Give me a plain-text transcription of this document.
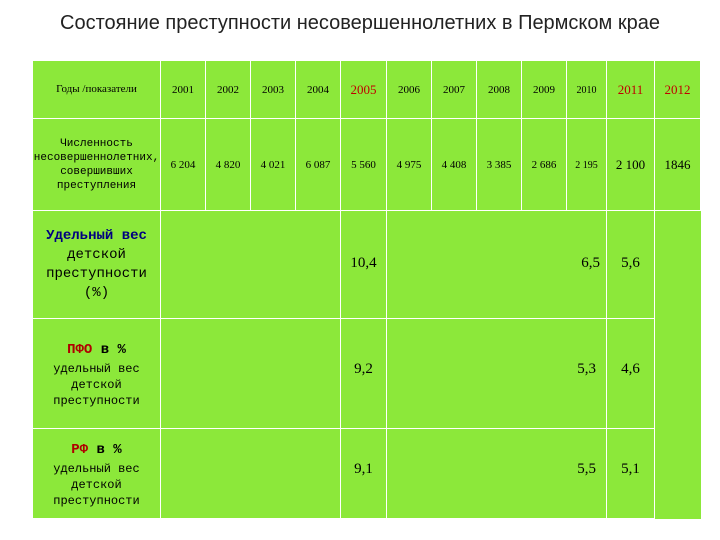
Состояние преступности несовершеннолетних в Пермском крае
Годы /показатели	2001	2002	2003	2004	2005	2006	2007	2008	2009	2010	2011	2012

Численность несовершеннолетних, совершивших преступления	6 204	4 820	4 021	6 087	5 560	4 975	4 408	3 385	2 686	2 195	2 100	1846

Удельный вес детской преступности (%)					10,4	6,5					5,6	

ПФО в %
удельный вес детской преступности					9,2	5,3					4,6	

РФ в %
удельный вес детской преступности					9,1	5,5					5,1	
